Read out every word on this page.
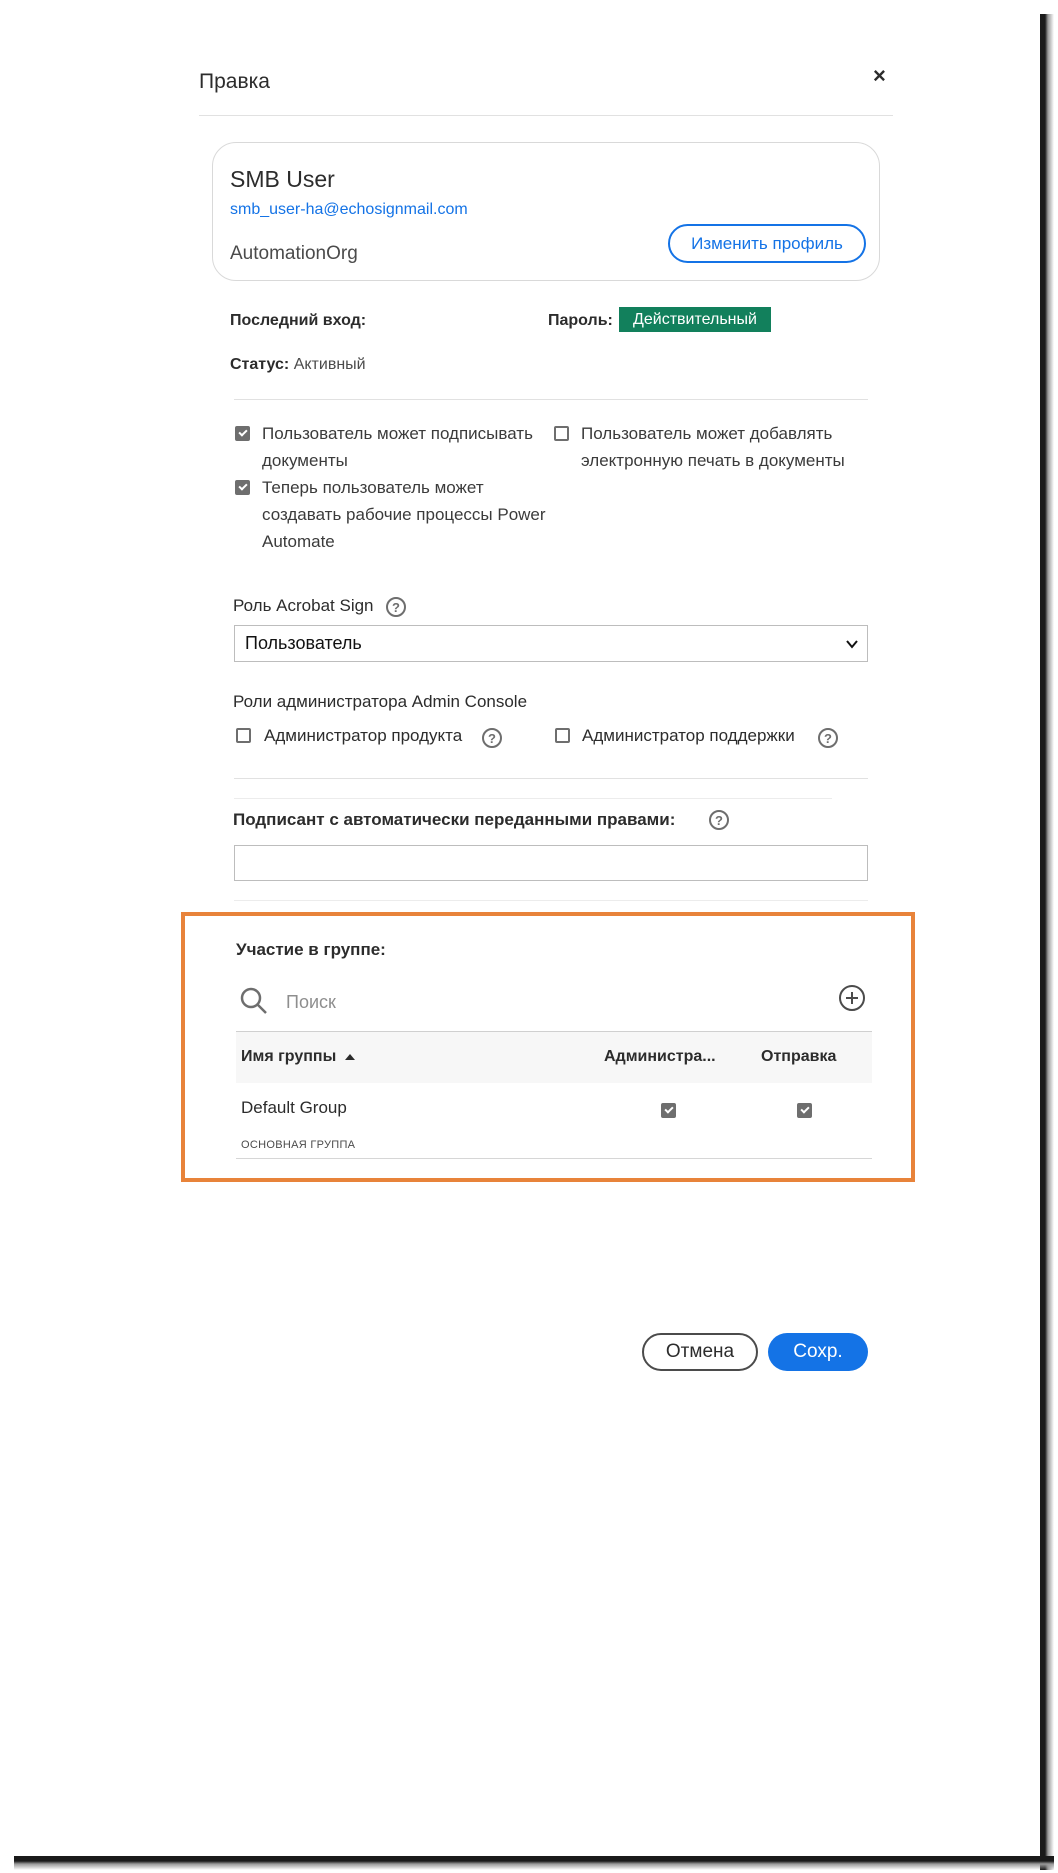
Правка	×
SMB User
smb_user-ha@echosignmail.com
AutomationOrg	Изменить профиль
Последний вход:	Пароль:	Действительный
Статус: Активный
Пользователь может подписывать
документы
Теперь пользователь может
создавать рабочие процессы Power
Automate
Пользователь может добавлять
электронную печать в документы
Роль Acrobat Sign	?
Пользователь
Роли администратора Admin Console
Администратор продукта	?	Администратор поддержки	?
Подписант с автоматически переданными правами:	?
Участие в группе:
Поиск
Имя группы	Администра...	Отправка
Default Group
ОСНОВНАЯ ГРУППА
Отмена	Сохр.
